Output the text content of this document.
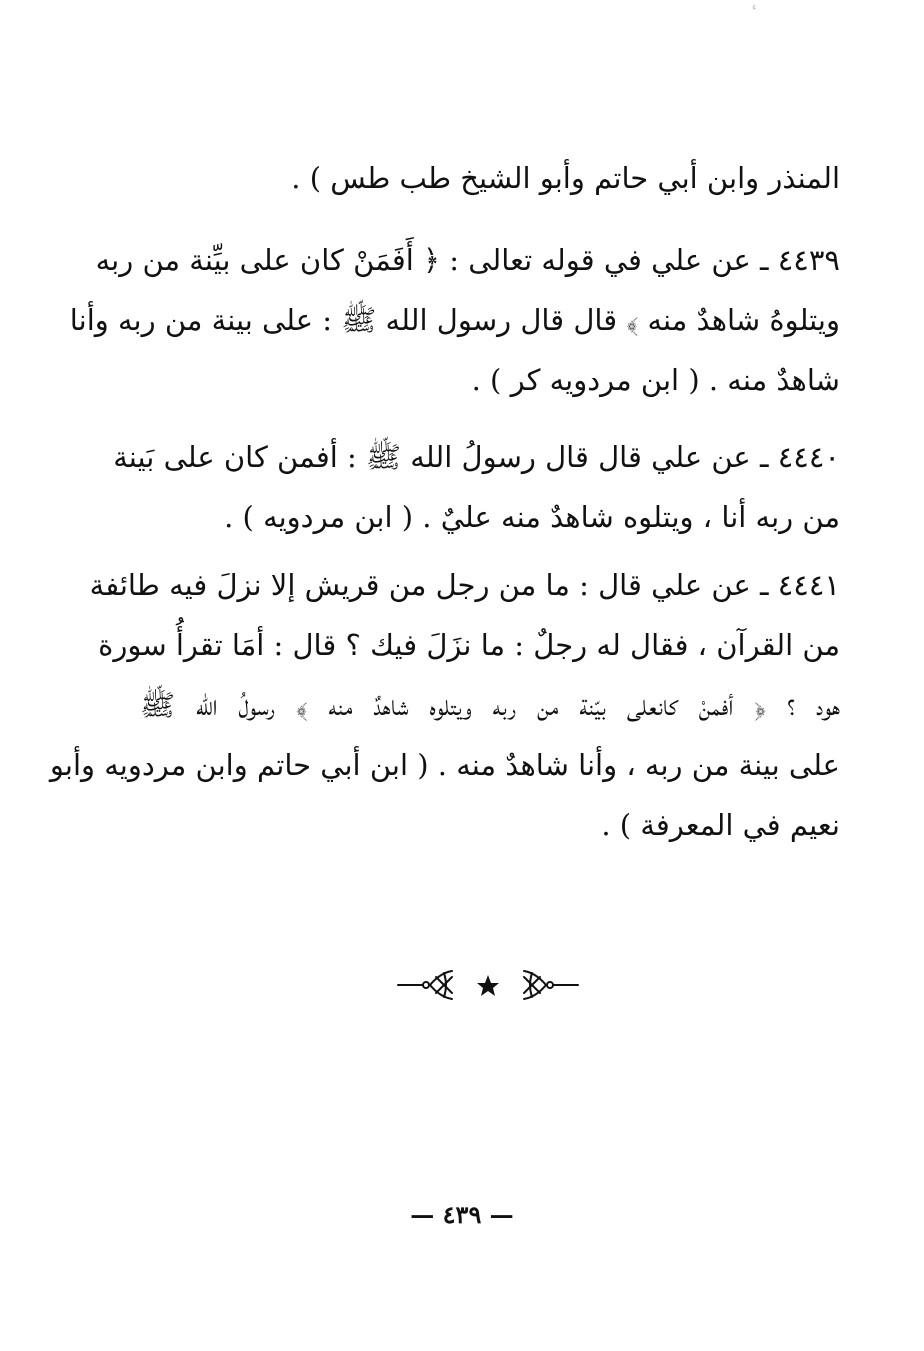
ﺀ
المنذر وابن أبي حاتم وأبو الشيخ طب طس ) .
٤٤٣٩ ـ عن علي في قوله تعالى : ﴿ أَفَمَنْ كان على بيِّنة من ربه
ويتلوهُ شاهدٌ منه ﴾ قال قال رسول الله ﷺ : على بينة من ربه وأنا
شاهدٌ منه . ( ابن مردويه كر ) .
٤٤٤٠ ـ عن علي قال قال رسولُ الله ﷺ : أفمن كان على بَينة
من ربه أنا ، ويتلوه شاهدٌ منه عليٌ . ( ابن مردويه ) .
٤٤٤١ ـ عن علي قال : ما من رجل من قريش إلا نزلَ فيه طائفة
من القرآن ، فقال له رجلٌ : ما نزَلَ فيك ؟ قال : أمَا تقرأُ سورة
هود ؟ ﴿ أفمنْ كانعلى بيّنة من ربه ويتلوه شاهدٌ منه ﴾ رسولُ الله ﷺ
على بينة من ربه ، وأنا شاهدٌ منه . ( ابن أبي حاتم وابن مردويه وأبو
نعيم في المعرفة ) .
— ٤٣٩ —
